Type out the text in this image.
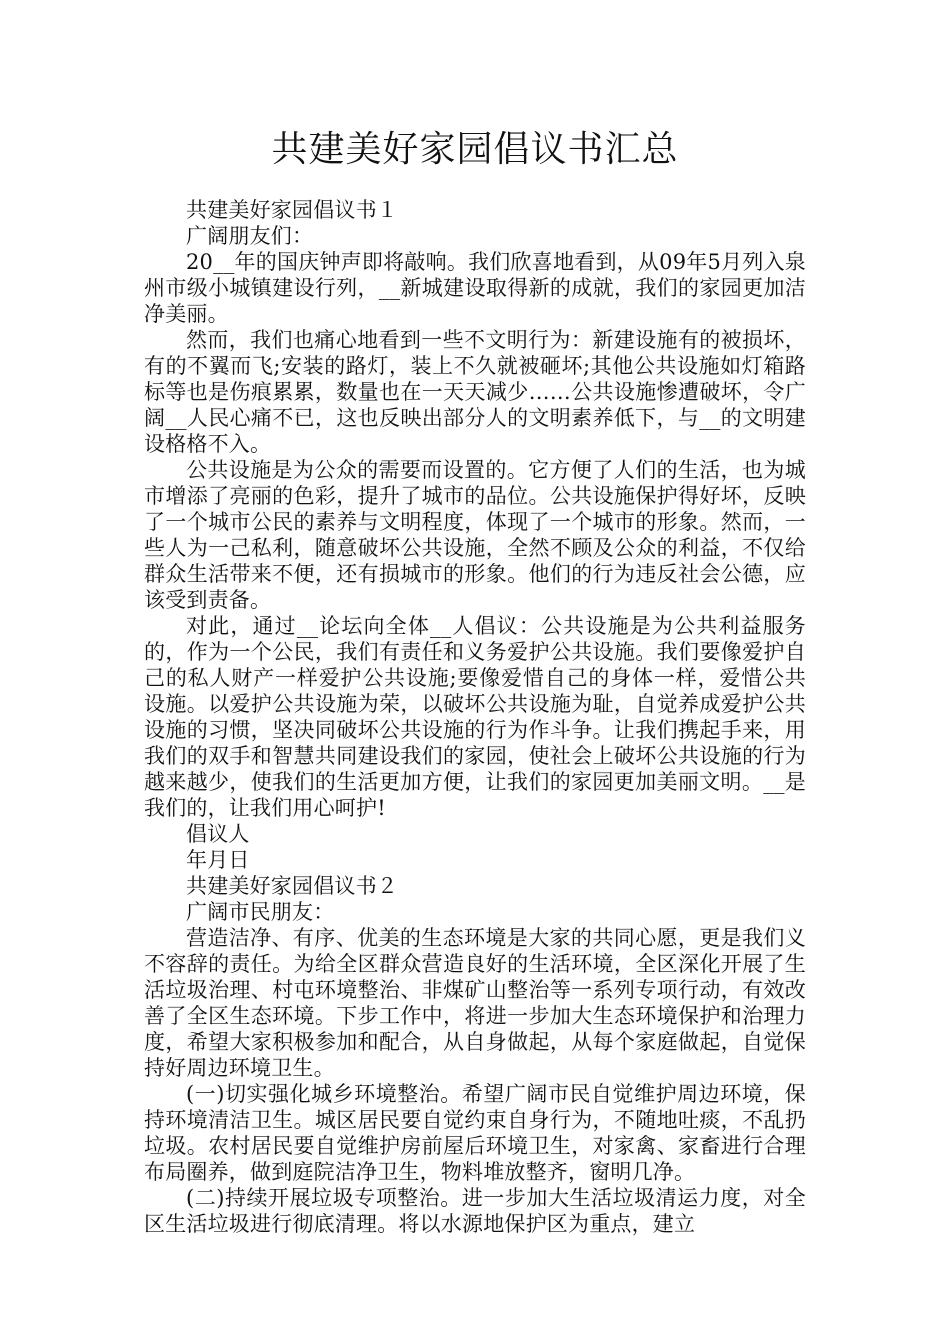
共建美好家园倡议书汇总

共建美好家园倡议书１

广阔朋友们：

20__年的国庆钟声即将敲响。我们欣喜地看到，从09年5月列入泉州市级小城镇建设行列，__新城建设取得新的成就，我们的家园更加洁净美丽。

然而，我们也痛心地看到一些不文明行为：新建设施有的被损坏，有的不翼而飞;安装的路灯，装上不久就被砸坏;其他公共设施如灯箱路标等也是伤痕累累，数量也在一天天减少……公共设施惨遭破坏，令广阔__人民心痛不已，这也反映出部分人的文明素养低下，与__的文明建设格格不入。

公共设施是为公众的需要而设置的。它方便了人们的生活，也为城市增添了亮丽的色彩，提升了城市的品位。公共设施保护得好坏，反映了一个城市公民的素养与文明程度，体现了一个城市的形象。然而，一些人为一己私利，随意破坏公共设施，全然不顾及公众的利益，不仅给群众生活带来不便，还有损城市的形象。他们的行为违反社会公德，应该受到责备。

对此，通过__论坛向全体__人倡议：公共设施是为公共利益服务的，作为一个公民，我们有责任和义务爱护公共设施。我们要像爱护自己的私人财产一样爱护公共设施;要像爱惜自己的身体一样，爱惜公共设施。以爱护公共设施为荣，以破坏公共设施为耻，自觉养成爱护公共设施的习惯，坚决同破坏公共设施的行为作斗争。让我们携起手来，用我们的双手和智慧共同建设我们的家园，使社会上破坏公共设施的行为越来越少，使我们的生活更加方便，让我们的家园更加美丽文明。__是我们的，让我们用心呵护!

倡议人

年月日

共建美好家园倡议书２

广阔市民朋友：

营造洁净、有序、优美的生态环境是大家的共同心愿，更是我们义不容辞的责任。为给全区群众营造良好的生活环境，全区深化开展了生活垃圾治理、村屯环境整治、非煤矿山整治等一系列专项行动，有效改善了全区生态环境。下步工作中，将进一步加大生态环境保护和治理力度，希望大家积极参加和配合，从自身做起，从每个家庭做起，自觉保持好周边环境卫生。

(一)切实强化城乡环境整治。希望广阔市民自觉维护周边环境，保持环境清洁卫生。城区居民要自觉约束自身行为，不随地吐痰，不乱扔垃圾。农村居民要自觉维护房前屋后环境卫生，对家禽、家畜进行合理布局圈养，做到庭院洁净卫生，物料堆放整齐，窗明几净。

(二)持续开展垃圾专项整治。进一步加大生活垃圾清运力度，对全区生活垃圾进行彻底清理。将以水源地保护区为重点，建立
